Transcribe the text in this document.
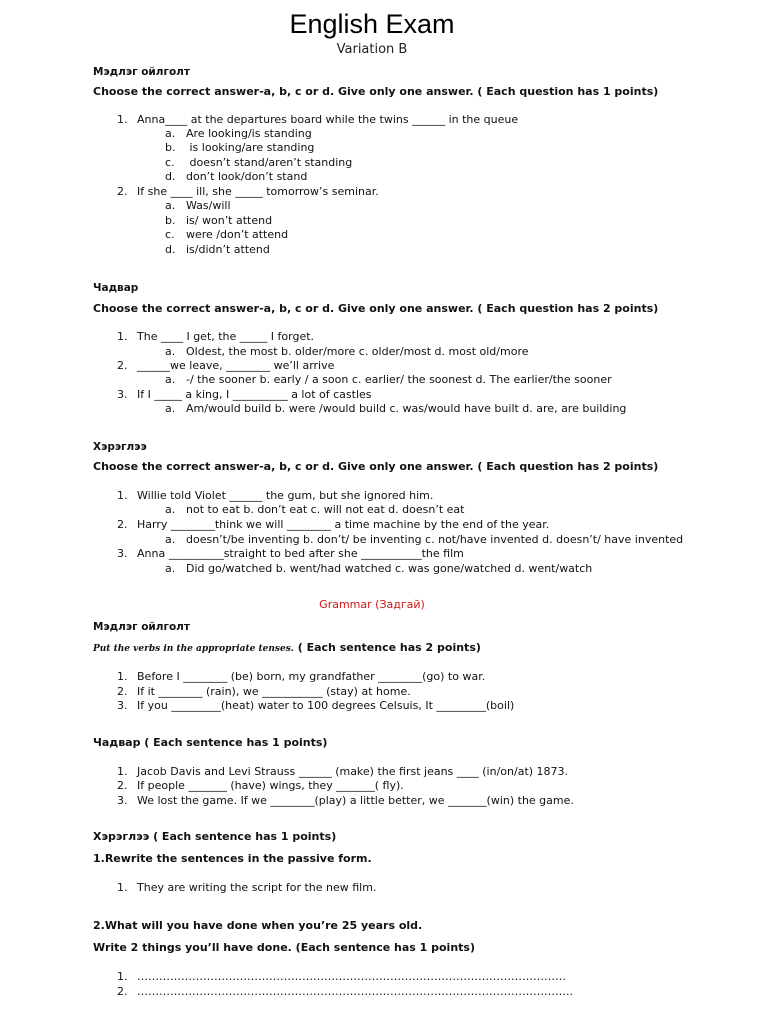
English Exam
Variation B
Мэдлэг ойлголт
Choose the correct answer-a, b, c or d. Give only one answer. ( Each question has 1 points)
1. Anna____ at the departures board while the twins ______ in the queue
a. Are looking/is standing
b. is looking/are standing
c. doesn’t stand/aren’t standing
d. don’t look/don’t stand
2. If she ____ ill, she _____ tomorrow’s seminar.
a. Was/will
b. is/ won’t attend
c. were /don’t attend
d. is/didn’t attend
Чадвар
Choose the correct answer-a, b, c or d. Give only one answer. ( Each question has 2 points)
1. The ____ I get, the _____ I forget.
a. Oldest, the most b. older/more c. older/most d. most old/more
2. ______we leave, ________ we’ll arrive
a. -/ the sooner b. early / a soon c. earlier/ the soonest d. The earlier/the sooner
3. If I _____ a king, I __________ a lot of castles
a. Am/would build b. were /would build c. was/would have built d. are, are building
Хэрэглээ
Choose the correct answer-a, b, c or d. Give only one answer. ( Each question has 2 points)
1. Willie told Violet ______ the gum, but she ignored him.
a. not to eat b. don’t eat c. will not eat d. doesn’t eat
2. Harry ________think we will ________ a time machine by the end of the year.
a. doesn’t/be inventing b. don’t/ be inventing c. not/have invented d. doesn’t/ have invented
3. Anna __________straight to bed after she ___________the film
a. Did go/watched b. went/had watched c. was gone/watched d. went/watch
Grammar (Задгай)
Мэдлэг ойлголт
Put the verbs in the appropriate tenses. ( Each sentence has 2 points)
1. Before I ________ (be) born, my grandfather ________(go) to war.
2. If it ________ (rain), we ___________ (stay) at home.
3. If you _________(heat) water to 100 degrees Celsuis, It _________(boil)
Чадвар ( Each sentence has 1 points)
1. Jacob Davis and Levi Strauss ______ (make) the first jeans ____ (in/on/at) 1873.
2. If people _______ (have) wings, they _______( fly).
3. We lost the game. If we ________(play) a little better, we _______(win) the game.
Хэрэглээ ( Each sentence has 1 points)
1.Rewrite the sentences in the passive form.
1. They are writing the script for the new film.
2.What will you have done when you’re 25 years old.
Write 2 things you’ll have done. (Each sentence has 1 points)
1. ………………………………………………………………………………………………………
2. ………………………………………………………………………………………………………..
